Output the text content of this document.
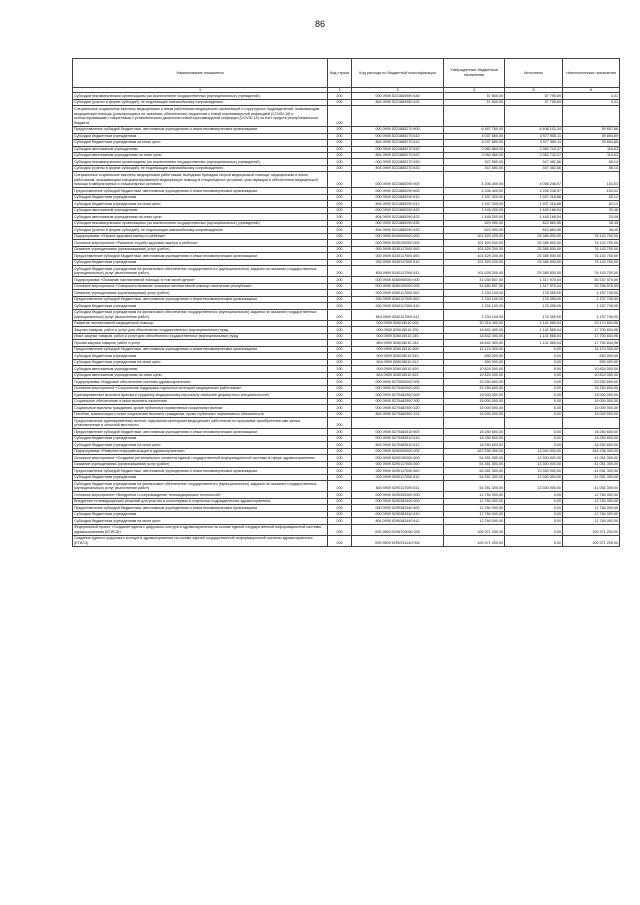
86
Наименование показателя	Код строки	Код расхода по бюджетной классификации	Утвержденные бюджетные назначения	Исполнено	Неисполненные назначения
1	2	3	4	5	6
Субсидии некоммерческим организациям (за исключением государственных (муниципальных) учреждений)	200	000 0909 5221884950 630	57 800,00	57 795,69	4,31
Субсидии (гранты в форме субсидий), не подлежащие казначейскому сопровождению	200	804 0909 5221884950 633	57 800,00	57 795,69	4,31
Специальные социальные выплаты медицинским и иным работникам медицинских организаций и структурных подразделений, оказывающим медицинскую помощь (участвующим в ее оказании, обеспечении) пациентам с новой коронавирусной инфекцией (COVID-19) и контактировавшим с пациентами с установленным диагнозом новой коронавирусной инфекции (COVID-19) за счет средств республиканского бюджета	200				
Предоставление субсидий бюджетным, автономным учреждениям и иным некоммерческим организациям	200	000 0909 5221885270 600	6 467 760,00	6 408 101,34	59 657,66
Субсидии бюджетным учреждениям	200	000 0909 5221885270 610	4 037 850,00	3 977 955,11	59 894,89
Субсидии бюджетным учреждениям на иные цели	200	804 0909 5221885270 612	4 037 850,00	3 977 955,11	59 894,89
Субсидии автономным учреждениям	200	000 0909 5221885270 620	2 082 860,00	2 082 743,37	116,63
Субсидии автономным учреждениям на иные цели	200	804 0909 5221885270 622	2 082 860,00	2 082 743,37	116,63
Субсидии некоммерческим организациям (за исключением государственных (муниципальных) учреждений)	200	000 0909 5221885270 630	347 550,00	347 482,86	56,14
Субсидии (гранты в форме субсидий), не подлежащие казначейскому сопровождению	200	804 0909 5221885270 633	347 550,00	347 482,86	56,14
Специальные социальные выплаты медицинским работникам, выездным бригадам скорой медицинской помощи, медицинским и иным работникам, оказывающим специализированную медицинскую помощь в стационарных условиях, участвующим в обеспечении медицинской помощи в амбулаторных и стационарных условиях	200	000 0909 5221885290 000	4 206 400,00	4 056 246,97	153,03
Предоставление субсидий бюджетным, автономным учреждениям и иным некоммерческим организациям	200	000 0909 5221885290 600	4 206 400,00	4 206 246,97	153,03
Субсидии бюджетным учреждениям	200	000 0909 5221885290 610	1 937 300,00	1 937 216,88	83,12
Субсидии бюджетным учреждениям на иные цели	200	804 0909 5221885290 612	1 937 300,00	1 937 216,88	83,12
Субсидии автономным учреждениям	200	000 0909 5221885290 620	1 445 200,00	1 445 166,54	33,46
Субсидии автономным учреждениям на иные цели	200	804 0909 5221885290 622	1 445 200,00	1 445 166,54	33,46
Субсидии некоммерческим организациям (за исключением государственных (муниципальных) учреждений)	200	000 0909 5221885290 630	823 900,00	823 863,55	36,45
Субсидии (гранты в форме субсидий), не подлежащие казначейскому сопровождению	200	804 0909 5221885290 633	823 900,00	823 863,55	36,45
Подпрограмма «Охрана здоровья матери и ребенка»	200	000 0909 5240000000 000	101 529 200,00	25 385 500,00	76 143 700,00
Основное мероприятие «Развитие службы здоровья матери и ребенка»	200	000 0909 5240100000 000	101 529 200,00	25 385 500,00	76 143 700,00
Оказание учреждениями (организациями) услуг (работ)	200	000 0909 5240117000 000	101 529 200,00	25 385 500,00	76 143 700,00
Предоставление субсидий бюджетным, автономным учреждениям и иным некоммерческим организациям	200	000 0909 5240117000 600	101 529 200,00	25 385 500,00	76 143 700,00
Субсидии бюджетным учреждениям	200	000 0909 5240117000 610	101 529 200,00	25 385 500,00	76 143 700,00
Субсидии бюджетным учреждениям на финансовое обеспечение государственного (муниципального) задания на оказание государственных (муниципальных) услуг (выполнение работ)	200	804 0909 5240117000 611	101 529 200,00	25 385 500,00	76 143 700,00
Подпрограмма «Оказание паллиативной помощи, в том числе детям»	200	000 0909 5260000000 000	31 030 507,00	1 317 970,04	30 337 579,59
Основное мероприятие «Совершенствование оказания паллиативной помощи населению республики»	200	000 0909 5260100000 000	31 650 507,00	1 317 970,04	30 336 578,59
Оказание учреждениями (организациями) услуг (работ)	200	000 0909 5260117000 000	1 334 100,00	176 355,00	1 157 745,00
Предоставление субсидий бюджетным, автономным учреждениям и иным некоммерческим организациям	200	000 0909 5260117000 600	1 334 100,00	176 355,00	1 157 745,00
Субсидии бюджетным учреждениям	200	000 0909 5260117000 610	1 334 100,00	176 355,00	1 157 745,00
Субсидии бюджетным учреждениям на финансовое обеспечение государственного (муниципального) задания на оказание государственных (муниципальных) услуг (выполнение работ)	200	804 0909 5260117000 611	1 334 100,00	176 355,00	1 157 745,00
Развитие паллиативной медицинской помощи	200	000 0909 526015010 000	30 316 400,00	1 141 565,04	29 174 834,96
Закупка товаров, работ и услуг для обеспечения государственных (муниципальных) нужд	200	000 0909 526015010 200	18 842 400,00	1 141 565,04	17 700 834,96
Иные закупки товаров, работ и услуг для обеспечения государственных (муниципальных) нужд	200	000 0909 526015010 240	18 842 400,00	1 141 565,04	17 700 834,96
Прочая закупка товаров, работ и услуг	200	804 0909 526015010 244	18 842 400,00	1 141 565,04	17 700 834,96
Предоставление субсидий бюджетным, автономным учреждениям и иным некоммерческим организациям	200	000 0909 526015010 600	11 474 000,00	0,00	11 474 000,00
Субсидии бюджетным учреждениям	200	000 0909 526015010 610	650 000,00	0,00	650 000,00
Субсидии бюджетным учреждениям на иные цели	200	804 0909 526015010 612	650 000,00	0,00	650 000,00
Субсидии автономным учреждениям	200	000 0909 526015010 620	10 824 000,00	0,00	10 824 000,00
Субсидии автономным учреждениям на иные цели	200	804 0909 526015010 622	10 824 000,00	0,00	10 824 000,00
Подпрограмма «Кадровое обеспечение системы здравоохранения»	200	000 0909 5270000000 000	33 250 600,00	0,00	33 250 600,00
Основное мероприятие «Социальная поддержка отдельных категорий медицинских работников»	200	000 0909 5270400000 000	33 250 600,00	0,00	33 250 600,00
Единовременные выплаты врачам и среднему медицинскому персоналу наиболее дефицитных специальностей	200	000 0909 5270482900 000	15 000 000,00	0,00	15 000 000,00
Социальное обеспечение и иные выплаты населению	200	000 0909 5270482900 300	15 000 000,00	0,00	15 000 000,00
Социальные выплаты гражданам, кроме публичных нормативных социальных выплат	200	000 0909 5270482900 320	15 000 000,00	0,00	15 000 000,00
Пособия, компенсации и иные социальные выплаты гражданам, кроме публичных нормативных обязательств	200	804 0909 5270482900 321	15 000 000,00	0,00	15 000 000,00
Предоставление единовременных выплат отдельным категориям медицинских работников по программе приобретения ими жилья, установленные в сельской местности	200				
Предоставление субсидий бюджетным, автономным учреждениям и иным некоммерческим организациям	200	000 0909 5270483510 600	18 250 600,00	0,00	18 250 600,00
Субсидии бюджетным учреждениям	200	000 0909 5270483510 610	18 250 600,00	0,00	18 250 600,00
Субсидии бюджетным учреждениям на иные цели	200	804 0909 5270483510 612	18 250 600,00	0,00	18 250 600,00
Подпрограмма «Развитие информатизации в здравоохранении»	200	000 0909 5290000000 000	167 536 300,00	13 300 000,00	154 236 300,00
Основное мероприятие «Создание регионального сегмента единой государственной информационной системы в сфере здравоохранения»	200	000 0909 5290100000 000	54 351 300,00	13 300 000,00	41 051 300,00
Оказание учреждениями (организациями) услуг (работ)	200	000 0909 5290117000 000	54 351 300,00	13 300 000,00	41 051 300,00
Предоставление субсидий бюджетным, автономным учреждениям и иным некоммерческим организациям	200	000 0909 5290117000 600	54 351 300,00	13 300 000,00	41 051 300,00
Субсидии бюджетным учреждениям	200	000 0909 5290117000 610	54 351 300,00	13 300 000,00	41 051 300,00
Субсидии бюджетным учреждениям на финансовое обеспечение государственного (муниципального) задания на оказание государственных (муниципальных) услуг (выполнение работ)	200	804 0909 5290117000 611	54 351 300,00	13 300 000,00	41 051 300,00
Основное мероприятие «Внедрение и сопровождение телемедицинских технологий»	200	000 0909 5290300000 000	12 784 000,00	0,00	12 784 000,00
Внедрение телемедицинских решений для участия в консилиумах в отдельных подразделениях здравоохранения	200	000 0909 5290383440 000	12 784 000,00	0,00	12 784 000,00
Предоставление субсидий бюджетным, автономным учреждениям и иным некоммерческим организациям	200	000 0909 5290383440 600	12 784 000,00	0,00	12 784 000,00
Субсидии бюджетным учреждениям	200	000 0909 5290383440 610	12 784 000,00	0,00	12 784 000,00
Субсидии бюджетным учреждениям на иные цели	200	804 0909 5290383440 612	12 784 000,00	0,00	12 784 000,00
Федеральный проект «Создание единого цифрового контура в здравоохранении на основе единой государственной информационной системы здравоохранения (ЕГИСЗ)»	200	000 0909 529N700000 000	100 371 200,00	0,00	100 371 200,00
Создание единого цифрового контура в здравоохранении на основе единой государственной информационной системы здравоохранения (ЕГИСЗ)	200	000 0909 529N751140 000	100 371 200,00	0,00	100 371 200,00
